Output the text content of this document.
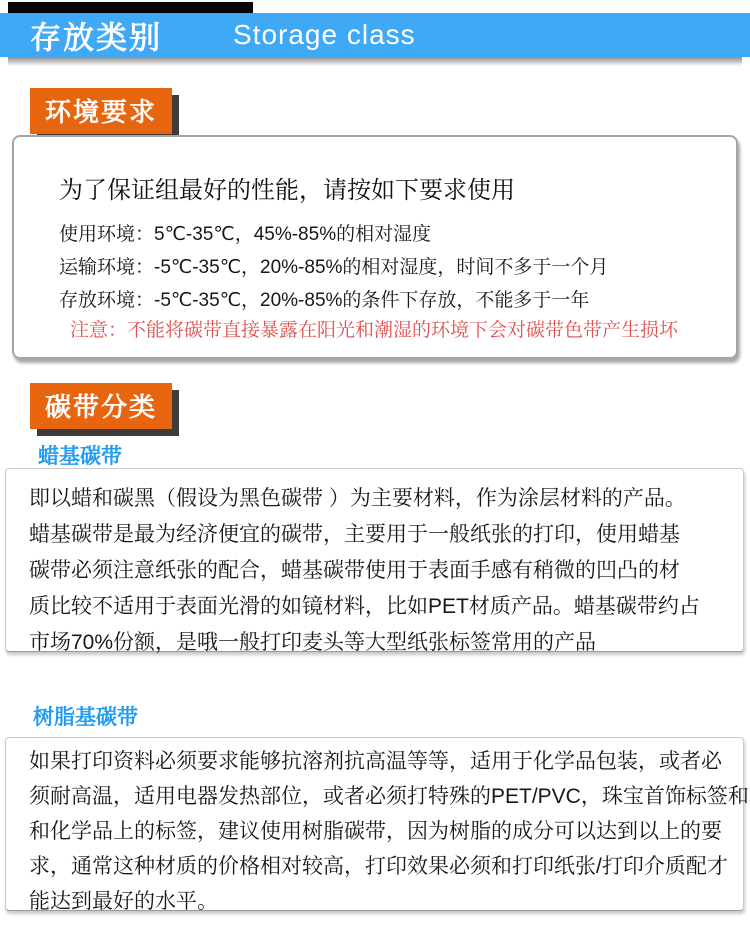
存放类别	Storage class
环境要求
为了保证组最好的性能，请按如下要求使用
使用环境：5℃-35℃，45%-85%的相对湿度
运输环境：-5℃-35℃，20%-85%的相对湿度，时间不多于一个月
存放环境：-5℃-35℃，20%-85%的条件下存放，不能多于一年
注意：不能将碳带直接暴露在阳光和潮湿的环境下会对碳带色带产生损坏
碳带分类
蜡基碳带
即以蜡和碳黑（假设为黑色碳带 ）为主要材料，作为涂层材料的产品。
蜡基碳带是最为经济便宜的碳带，主要用于一般纸张的打印，使用蜡基
碳带必须注意纸张的配合，蜡基碳带使用于表面手感有稍微的凹凸的材
质比较不适用于表面光滑的如镜材料，比如PET材质产品。蜡基碳带约占
市场70%份额，是哦一般打印麦头等大型纸张标签常用的产品
树脂基碳带
如果打印资料必须要求能够抗溶剂抗高温等等，适用于化学品包装，或者必
须耐高温，适用电器发热部位，或者必须打特殊的PET/PVC，珠宝首饰标签和
和化学品上的标签，建议使用树脂碳带，因为树脂的成分可以达到以上的要
求，通常这种材质的价格相对较高，打印效果必须和打印纸张/打印介质配才
能达到最好的水平。
